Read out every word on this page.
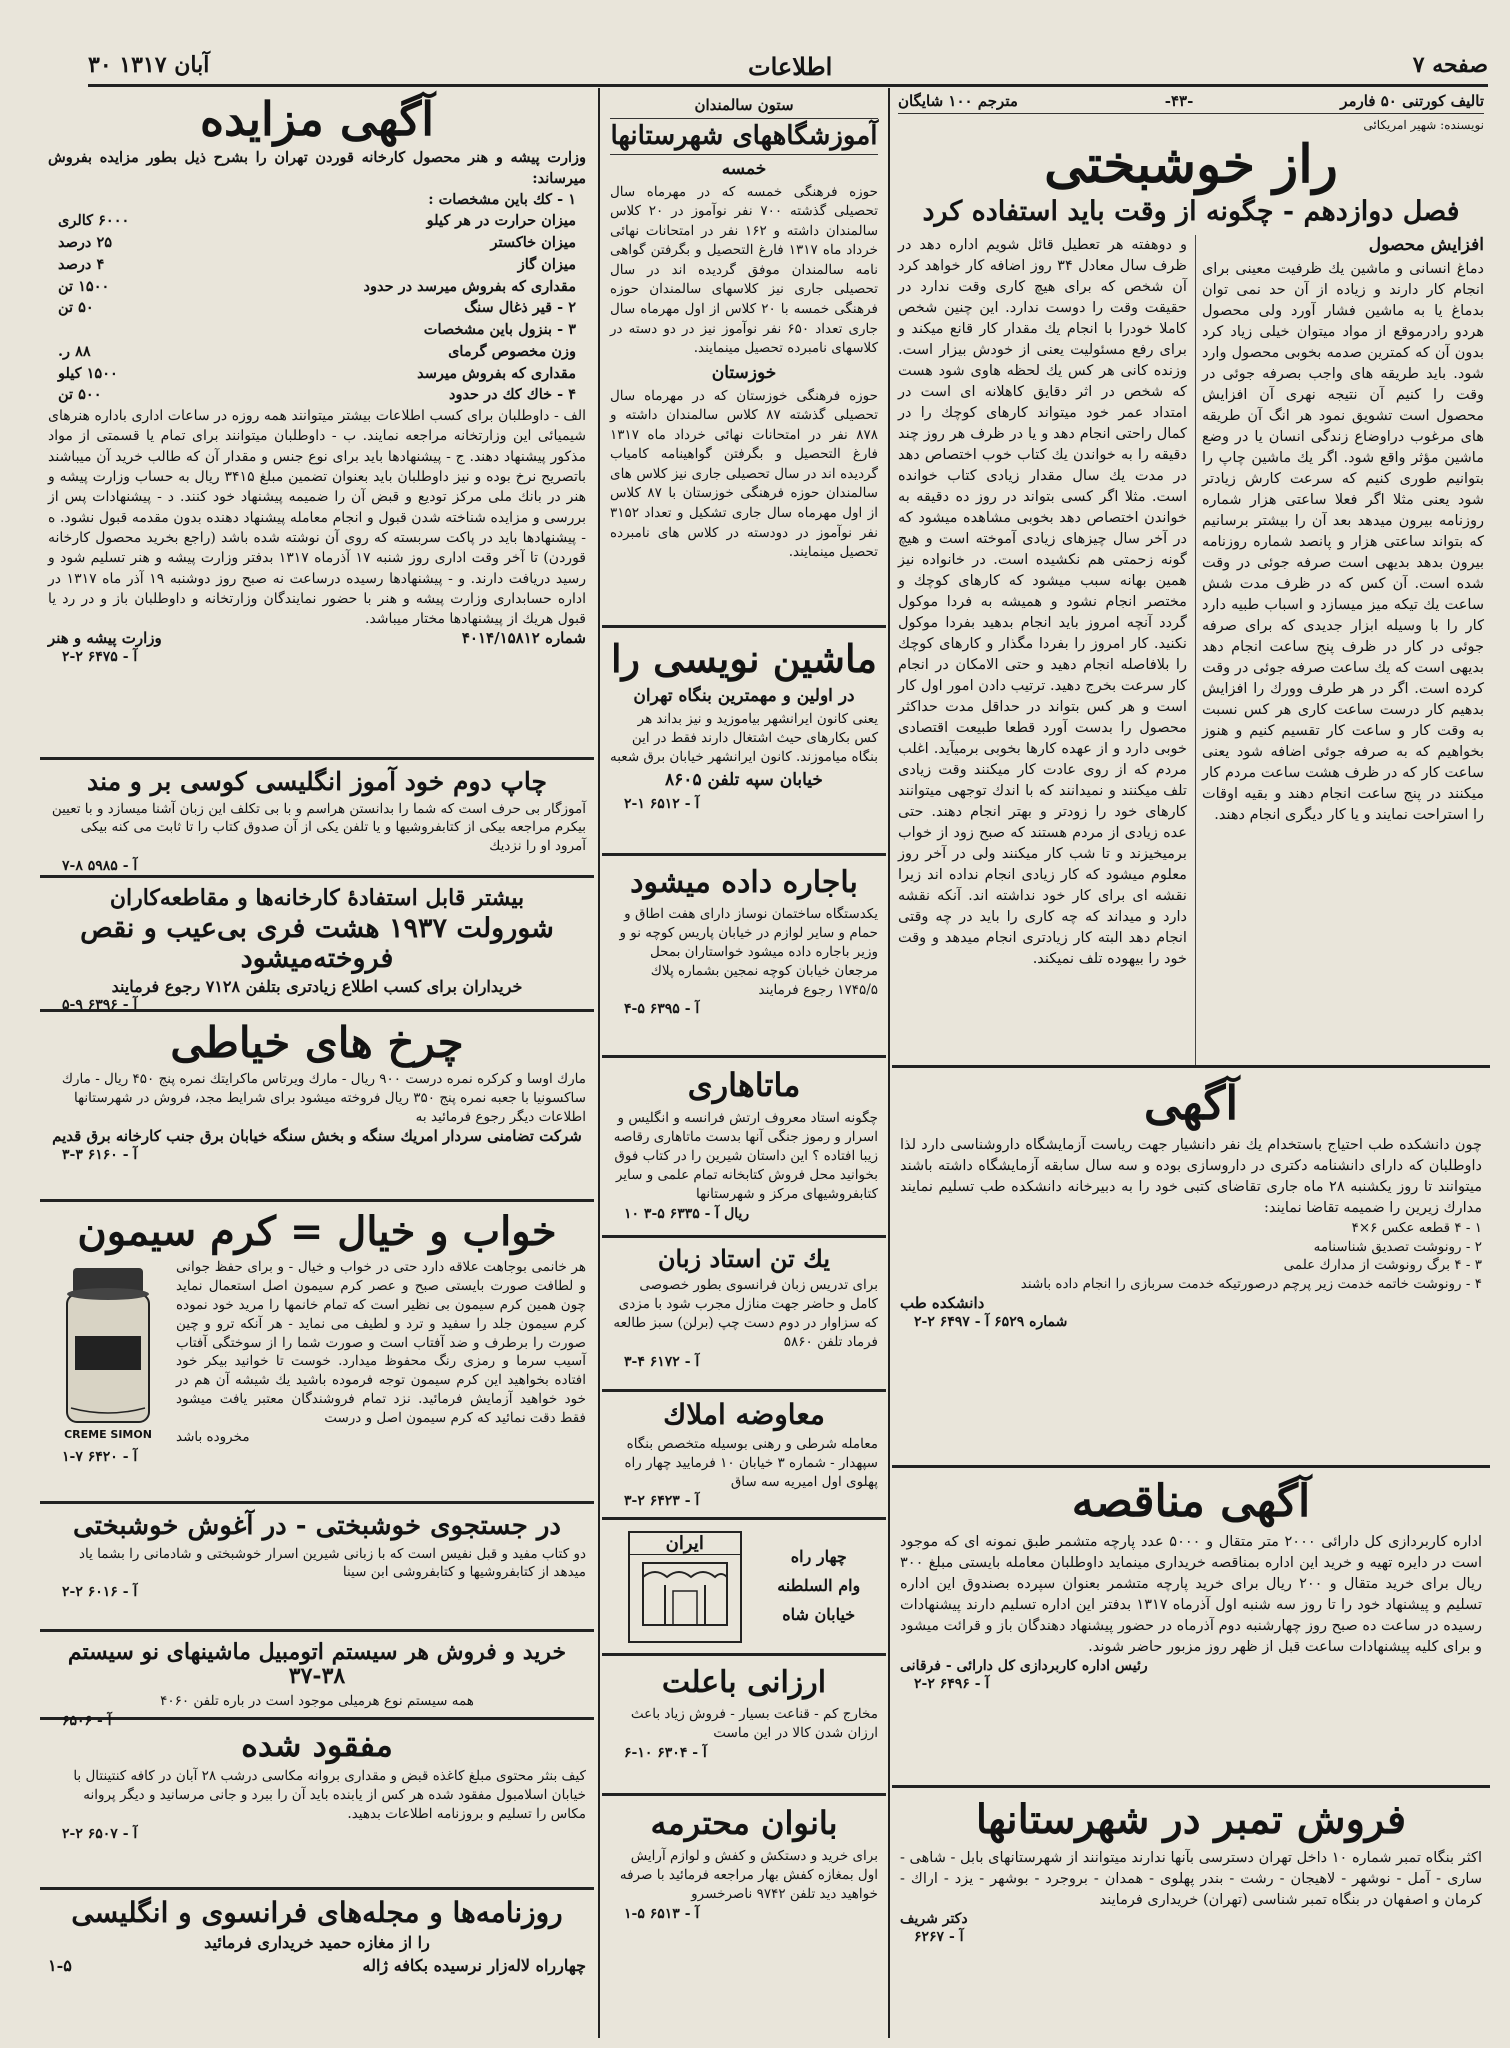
۳۰ آبان ۱۳۱۷	اطلاعات	صفحه ۷
تالیف کورتنی ۵۰ فارمر
-۴۳-
مترجم ۱۰۰ شایگان
نویسنده: شهیر امریکائی
راز خوشبختی
فصل دوازدهم - چگونه از وقت باید استفاده کرد
افزایش محصول
دماغ انسانی و ماشین یك ظرفیت معینی برای انجام کار دارند و زیاده از آن حد نمی توان بدماغ یا به ماشین فشار آورد ولی محصول هردو رادرموقع از مواد میتوان خیلی زیاد کرد بدون آن که کمترین صدمه بخوبی محصول وارد شود. باید طریقه های واجب بصرفه جوئی در وقت را کنیم آن نتیجه نهری آن افزایش محصول است تشویق نمود هر انگ آن طریقه های مرغوب دراوضاع زندگی انسان یا در وضع ماشین مؤثر واقع شود. اگر یك ماشین چاپ را بتوانیم طوری کنیم که سرعت کارش زیادتر شود یعنی مثلا اگر فعلا ساعتی هزار شماره روزنامه بیرون میدهد بعد آن را بیشتر برسانیم که بتواند ساعتی هزار و پانصد شماره روزنامه بیرون بدهد بدیهی است صرفه جوئی در وقت شده است. آن کس که در ظرف مدت شش ساعت یك تیکه میز میسازد و اسباب طبیه دارد کار را با وسیله ابزار جدیدی که برای صرفه جوئی در کار در ظرف پنج ساعت انجام دهد بدیهی است که یك ساعت صرفه جوئی در وقت کرده است. اگر در هر طرف وورك را افزایش بدهیم کار درست ساعت کاری هر کس نسبت به وقت کار و ساعت کار تقسیم کنیم و هنوز بخواهیم که به صرفه جوئی اضافه شود یعنی ساعت کار که در ظرف هشت ساعت مردم کار میکنند در پنج ساعت انجام دهند و بقیه اوقات را استراحت نمایند و یا کار دیگری انجام دهند.
و دوهفته هر تعطیل قائل شویم اداره دهد در ظرف سال معادل ۳۴ روز اضافه کار خواهد کرد آن شخص که برای هیچ کاری وقت ندارد در حقیقت وقت را دوست ندارد. این چنین شخص کاملا خودرا با انجام یك مقدار کار قانع میکند و برای رفع مسئولیت یعنی از خودش بیزار است. وزنده کانی هر کس یك لحظه هاوی شود هست که شخص در اثر دقایق کاهلانه ای است در امتداد عمر خود میتواند کارهای کوچك را در کمال راحتی انجام دهد و یا در ظرف هر روز چند دقیقه را به خواندن یك کتاب خوب اختصاص دهد در مدت یك سال مقدار زیادی کتاب خوانده است. مثلا اگر کسی بتواند در روز ده دقیقه به خواندن اختصاص دهد بخوبی مشاهده میشود که در آخر سال چیزهای زیادی آموخته است و هیچ گونه زحمتی هم نکشیده است. در خانواده نیز همین بهانه سبب میشود که کارهای کوچك و مختصر انجام نشود و همیشه به فردا موکول گردد آنچه امروز باید انجام بدهید بفردا موکول نکنید. کار امروز را بفردا مگذار و کارهای کوچك را بلافاصله انجام دهید و حتی الامکان در انجام کار سرعت بخرج دهید. ترتیب دادن امور اول کار است و هر کس بتواند در حداقل مدت حداکثر محصول را بدست آورد قطعا طبیعت اقتصادی خوبی دارد و از عهده کارها بخوبی برمیآید. اغلب مردم که از روی عادت کار میکنند وقت زیادی تلف میکنند و نمیدانند که با اندك توجهی میتوانند کارهای خود را زودتر و بهتر انجام دهند. حتی عده زیادی از مردم هستند که صبح زود از خواب برمیخیزند و تا شب کار میکنند ولی در آخر روز معلوم میشود که کار زیادی انجام نداده اند زیرا نقشه ای برای کار خود نداشته اند. آنکه نقشه دارد و میداند که چه کاری را باید در چه وقتی انجام دهد البته کار زیادتری انجام میدهد و وقت خود را بیهوده تلف نمیکند.
آگهی
چون دانشکده طب احتیاج باستخدام یك نفر دانشیار جهت ریاست آزمایشگاه داروشناسی دارد لذا داوطلبان که دارای دانشنامه دکتری در داروسازی بوده و سه سال سابقه آزمایشگاه داشته باشند میتوانند تا روز یکشنبه ۲۸ ماه جاری تقاضای کتبی خود را به دبیرخانه دانشکده طب تسلیم نمایند مدارك زیرین را ضمیمه تقاضا نمایند:
۱ - ۴ قطعه عکس ۶×۴
۲ - رونوشت تصدیق شناسنامه
۳ - ۴ برگ رونوشت از مدارك علمی
۴ - رونوشت خاتمه خدمت زیر پرچم درصورتیکه خدمت سربازی را انجام داده باشند
دانشکده طب
شماره ۶۵۲۹ آ - ۶۴۹۷ ۲-۲
آگهی مناقصه
اداره کاربردازی کل دارائی ۲۰۰۰ متر متقال و ۵۰۰۰ عدد پارچه متشمر طبق نمونه ای که موجود است در دایره تهیه و خرید این اداره بمناقصه خریداری مینماید داوطلبان معامله بایستی مبلغ ۳۰۰ ریال برای خرید متقال و ۲۰۰ ریال برای خرید پارچه متشمر بعنوان سپرده بصندوق این اداره تسلیم و پیشنهاد خود را تا روز سه شنبه اول آذرماه ۱۳۱۷ بدفتر این اداره تسلیم دارند پیشنهادات رسیده در ساعت ده صبح روز چهارشنبه دوم آذرماه در حضور پیشنهاد دهندگان باز و قرائت میشود و برای کلیه پیشنهادات ساعت قبل از ظهر روز مزبور حاضر شوند.
رئیس اداره کاربردازی کل دارائی - فرقانی
آ - ۶۴۹۶ ۲-۲
فروش تمبر در شهرستانها
اکثر بنگاه تمبر شماره ۱۰ داخل تهران دسترسی بآنها ندارند میتوانند از شهرستانهای بابل - شاهی - ساری - آمل - نوشهر - لاهیجان - رشت - بندر پهلوی - همدان - بروجرد - بوشهر - یزد - اراك - کرمان و اصفهان در بنگاه تمبر شناسی (تهران) خریداری فرمایند
دکتر شریف
آ - ۶۲۶۷
ستون سالمندان
آموزشگاههای شهرستانها
خمسه
حوزه فرهنگی خمسه که در مهرماه سال تحصیلی گذشته ۷۰۰ نفر نوآموز در ۲۰ کلاس سالمندان داشته و ۱۶۲ نفر در امتحانات نهائی خرداد ماه ۱۳۱۷ فارغ التحصیل و بگرفتن گواهی نامه سالمندان موفق گردیده اند در سال تحصیلی جاری نیز کلاسهای سالمندان حوزه فرهنگی خمسه با ۲۰ کلاس از اول مهرماه سال جاری تعداد ۶۵۰ نفر نوآموز نیز در دو دسته در کلاسهای نامبرده تحصیل مینمایند.
خوزستان
حوزه فرهنگی خوزستان که در مهرماه سال تحصیلی گذشته ۸۷ کلاس سالمندان داشته و ۸۷۸ نفر در امتحانات نهائی خرداد ماه ۱۳۱۷ فارغ التحصیل و بگرفتن گواهینامه کامیاب گردیده اند در سال تحصیلی جاری نیز کلاس های سالمندان حوزه فرهنگی خوزستان با ۸۷ کلاس از اول مهرماه سال جاری تشکیل و تعداد ۳۱۵۲ نفر نوآموز در دودسته در کلاس های نامبرده تحصیل مینمایند.
ماشین نویسی را
در اولین و مهمترین بنگاه تهران
یعنی کانون ایرانشهر بیاموزید و نیز بداند هر کس بکارهای حیث اشتغال دارند فقط در این بنگاه میاموزند. کانون ایرانشهر خیابان برق شعبه
خیابان سپه تلفن ۸۶۰۵
آ - ۶۵۱۲ ۱-۲
باجاره داده میشود
یکدستگاه ساختمان نوساز دارای هفت اطاق و حمام و سایر لوازم در خیابان پاریس کوچه نو و وزیر باجاره داده میشود خواستاران بمحل مرجعان خیابان کوچه نمجین بشماره پلاك ۱۷۴۵/۵ رجوع فرمایند
آ - ۶۳۹۵ ۵-۴
ماتاهاری
چگونه استاد معروف ارتش فرانسه و انگلیس و اسرار و رموز جنگی آنها بدست ماتاهاری رقاصه زیبا افتاده ؟ این داستان شیرین را در کتاب فوق بخوانید محل فروش کتابخانه تمام علمی و سایر کتابفروشیهای مرکز و شهرستانها
۱۰ ریال آ - ۶۳۳۵ ۵-۳
یك تن استاد زبان
برای تدریس زبان فرانسوی بطور خصوصی کامل و حاضر جهت منازل مجرب شود با مزدی که سزاوار در دوم دست چپ (برلن) سبز طالعه فرماد تلفن ۵۸۶۰
آ - ۶۱۷۲ ۴-۳
معاوضه املاك
معامله شرطی و رهنی بوسیله متخصص بنگاه سپهدار - شماره ۳ خیابان ۱۰ فرمایید چهار راه پهلوی اول امیریه سه ساق
آ - ۶۴۲۳ ۲-۳
چهار راه
وام السلطنه
خیابان شاه
ایران
ارزانی باعلت
مخارج کم - قناعت بسیار - فروش زیاد باعث ارزان شدن کالا در این ماست
آ - ۶۳۰۴ ۱۰-۶
بانوان محترمه
برای خرید و دستکش و کفش و لوازم آرایش اول بمغازه کفش بهار مراجعه فرمائید با صرفه خواهید دید تلفن ۹۷۴۲ ناصرخسرو
آ - ۶۵۱۳ ۵-۱
آگهی مزایده
وزارت پیشه و هنر محصول کارخانه قوردن تهران را بشرح ذیل بطور مزایده بفروش میرساند:
۱ - کك باین مشخصات :
میزان حرارت در هر کیلو
۶۰۰۰ کالری
میزان خاکستر
۲۵ درصد
میزان گاز
۴ درصد
مقداری که بفروش میرسد در حدود
۱۵۰۰ تن
۲ - قیر ذغال سنگ
۵۰ تن
۳ - بنزول باین مشخصات
وزن مخصوص گرمای
۸۸ ر.
مقداری که بفروش میرسد
۱۵۰۰ کیلو
۴ - خاك کك در حدود
۵۰۰ تن
الف - داوطلبان برای کسب اطلاعات بیشتر میتوانند همه روزه در ساعات اداری باداره هنرهای شیمیائی این وزارتخانه مراجعه نمایند. ب - داوطلبان میتوانند برای تمام یا قسمتی از مواد مذکور پیشنهاد دهند. ج - پیشنهادها باید برای نوع جنس و مقدار آن که طالب خرید آن میباشند باتصریح نرخ بوده و نیز داوطلبان باید بعنوان تضمین مبلغ ۳۴۱۵ ریال به حساب وزارت پیشه و هنر در بانك ملی مرکز تودیع و قبض آن را ضمیمه پیشنهاد خود کنند. د - پیشنهادات پس از بررسی و مزایده شناخته شدن قبول و انجام معامله پیشنهاد دهنده بدون مقدمه قبول نشود. ه - پیشنهادها باید در پاکت سربسته که روی آن نوشته شده باشد (راجع بخرید محصول کارخانه قوردن) تا آخر وقت اداری روز شنبه ۱۷ آذرماه ۱۳۱۷ بدفتر وزارت پیشه و هنر تسلیم شود و رسید دریافت دارند. و - پیشنهادها رسیده درساعت نه صبح روز دوشنبه ۱۹ آذر ماه ۱۳۱۷ در اداره حسابداری وزارت پیشه و هنر با حضور نمایندگان وزارتخانه و داوطلبان باز و در رد یا قبول هریك از پیشنهادها مختار میباشد.
شماره ۴۰۱۴/۱۵۸۱۲
وزارت پیشه و هنر
آ - ۶۴۷۵ ۲-۲
چاپ دوم خود آموز انگلیسی کوسی بر و مند
آموزگار بی حرف است که شما را بدانستن هراسم و با بی تکلف این زبان آشنا میسازد و با تعیین بیکرم مراجعه بیکی از کتابفروشیها و یا تلفن یکی از آن صدوق کتاب را تا ثابت می کنه بیکی آمرود او را نزدیك
آ - ۵۹۸۵ ۸-۷
بیشتر قابل استفادهٔ کارخانه‌ها و مقاطعه‌کاران
شورولت ۱۹۳۷ هشت فری بی‌عیب و نقص فروخته‌میشود
خریداران برای کسب اطلاع زیادتری بتلفن ۷۱۲۸ رجوع فرمایند
آ - ۶۳۹۶ ۹-۵
چرخ های خیاطی
مارك اوسا و کرکره نمره درست ۹۰۰ ریال - مارك ویرتاس ماکرایتك نمره پنج ۴۵۰ ریال - مارك ساکسونیا با جعبه نمره پنج ۳۵۰ ریال فروخته میشود برای شرایط مجد، فروش در شهرستانها اطلاعات دیگر رجوع فرمائید به
شرکت تضامنی سردار امریك سنگه و بخش سنگه خیابان برق جنب کارخانه برق قدیم
آ - ۶۱۶۰ ۳-۳
خواب و خیال = کرم سیمون
هر خانمی بوجاهت علاقه دارد حتی در خواب و خیال - و برای حفظ جوانی و لطافت صورت بایستی صبح و عصر کرم سیمون اصل استعمال نماید چون همین کرم سیمون بی نظیر است که تمام خانمها را مرید خود نموده کرم سیمون جلد را سفید و ترد و لطیف می نماید - هر آنکه ترو و چین صورت را برطرف و ضد آفتاب است و صورت شما را از سوختگی آفتاب آسیب سرما و رمزی رنگ محفوظ میدارد. خوست تا خوانید بیکر خود افتاده بخواهید این کرم سیمون توجه فرموده باشید یك شیشه آن هم در خود خواهید آزمایش فرمائید. نزد تمام فروشندگان معتبر یافت میشود فقط دقت نمائید که کرم سیمون اصل و درست
مخروده باشد
CREME SIMON
آ - ۶۴۲۰ ۷-۱
در جستجوی خوشبختی - در آغوش خوشبختی
دو کتاب مفید و قبل نفیس است که با زبانی شیرین اسرار خوشبختی و شادمانی را بشما یاد میدهد از کتابفروشیها و کتابفروشی ابن سینا
آ - ۶۰۱۶ ۲-۲
خرید و فروش هر سیستم اتومبیل ماشینهای نو سیستم ۳۸-۳۷
همه سیستم نوع هرمیلی موجود است در باره تلفن ۴۰۶۰
آ - ۶۵۰۶
مفقود شده
کیف بنثر محتوی مبلغ کاغذه قبض و مقداری بروانه مکاسی درشب ۲۸ آبان در کافه کنتینتال با خیابان اسلامبول مفقود شده هر کس از یابنده باید آن را ببرد و جانی مرسانید و دیگر پروانه مکاس را تسلیم و بروزنامه اطلاعات بدهید.
آ - ۶۵۰۷ ۲-۲
روزنامه‌ها و مجله‌های فرانسوی و انگلیسی
را از مغازه حمید خریداری فرمائید
چهارراه لاله‌زار نرسیده بکافه ژاله
۱-۵
